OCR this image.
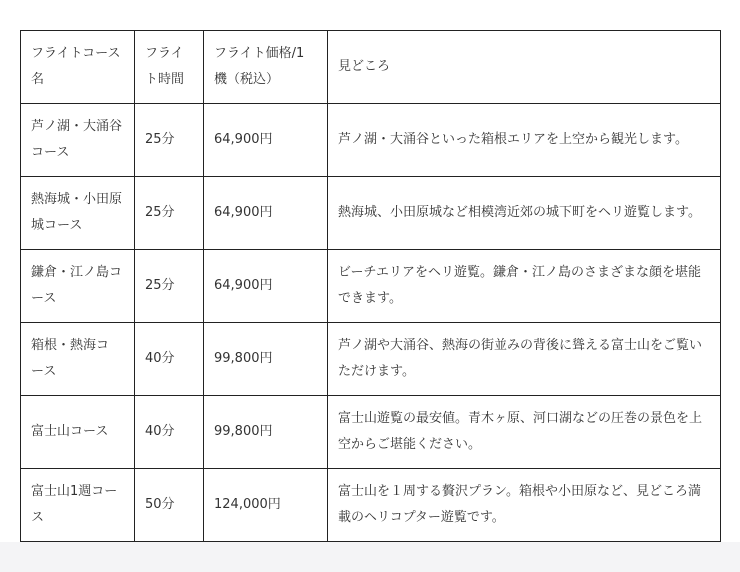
フライトコース名	フライト時間	フライト価格/1機（税込）	見どころ
芦ノ湖・大涌谷コース	25分	64,900円	芦ノ湖・大涌谷といった箱根エリアを上空から観光します。
熱海城・小田原城コース	25分	64,900円	熱海城、小田原城など相模湾近郊の城下町をヘリ遊覧します。
鎌倉・江ノ島コース	25分	64,900円	ビーチエリアをヘリ遊覧。鎌倉・江ノ島のさまざまな顔を堪能できます。
箱根・熱海コース	40分	99,800円	芦ノ湖や大涌谷、熱海の街並みの背後に聳える富士山をご覧いただけます。
富士山コース	40分	99,800円	富士山遊覧の最安値。青木ヶ原、河口湖などの圧巻の景色を上空からご堪能ください。
富士山1週コース	50分	124,000円	富士山を１周する贅沢プラン。箱根や小田原など、見どころ満載のヘリコプター遊覧です。
